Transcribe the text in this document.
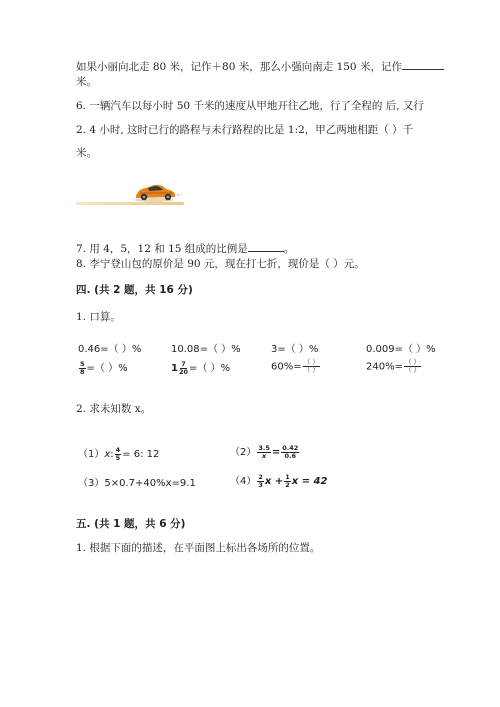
如果小丽向北走 80 米，记作＋80 米，那么小强向南走 150 米，记作
米。
6. 一辆汽车以每小时 50 千米的速度从甲地开往乙地，行了全程的 后, 又行
2. 4 小时, 这时已行的路程与未行路程的比是 1:2，甲乙两地相距（ ）千
米。
7. 用 4，5，12 和 15 组成的比例是	。
8. 李宁登山包的原价是 90 元，现在打七折，现价是（ ）元。
四. (共 2 题，共 16 分)
1. 口算。
0.46=（ ）%	10.08=（ ）%	3=（ ）%	0.009=（ ）%
$\frac{5}{8}$ =（ ）%	$1 \frac{7}{20}$ =（ ）%	$60\%= \frac{( )}{( )}$	$240\%= \frac{( )}{( )}$
2. 求未知数 x。
（1）x: $\frac{4}{5} = 6$: 12	$(2) \frac{3.5}{x} = \frac{0.42}{0.6}$
（3）5×0.7+40%x=9.1	$(4) \frac{2}{3}$ $x + \frac{1}{2}$ x = 42
五. (共 1 题，共 6 分)
1. 根据下面的描述，在平面图上标出各场所的位置。
